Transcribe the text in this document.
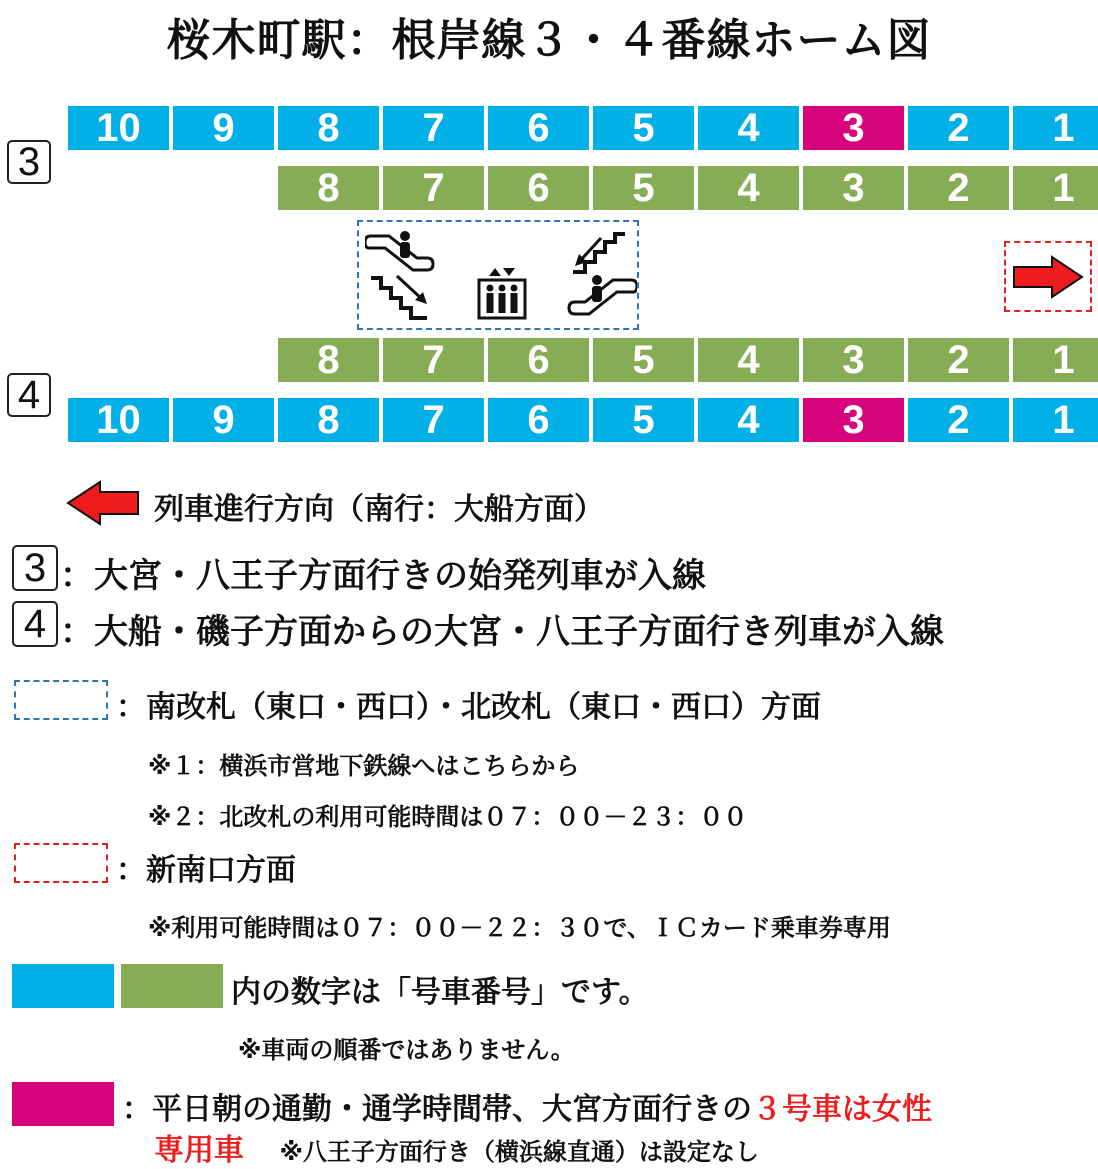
桜木町駅：根岸線３・４番線ホーム図
3
4
10	9	8	7	6	5	4	3	2	1
8	7	6	5	4	3	2	1
8	7	6	5	4	3	2	1
10	9	8	7	6	5	4	3	2	1
列車進行方向（南行：大船方面）
3 ：大宮・八王子方面行きの始発列車が入線
4 ：大船・磯子方面からの大宮・八王子方面行き列車が入線
：南改札（東口・西口）・北改札（東口・西口）方面
※１：横浜市営地下鉄線へはこちらから
※２：北改札の利用可能時間は０７：００－２３：００
：新南口方面
※利用可能時間は０７：００－２２：３０で、ＩＣカード乗車券専用
内の数字は「号車番号」です。
※車両の順番ではありません。
：平日朝の通勤・通学時間帯、大宮方面行きの３号車は女性
専用車 ※八王子方面行き（横浜線直通）は設定なし
